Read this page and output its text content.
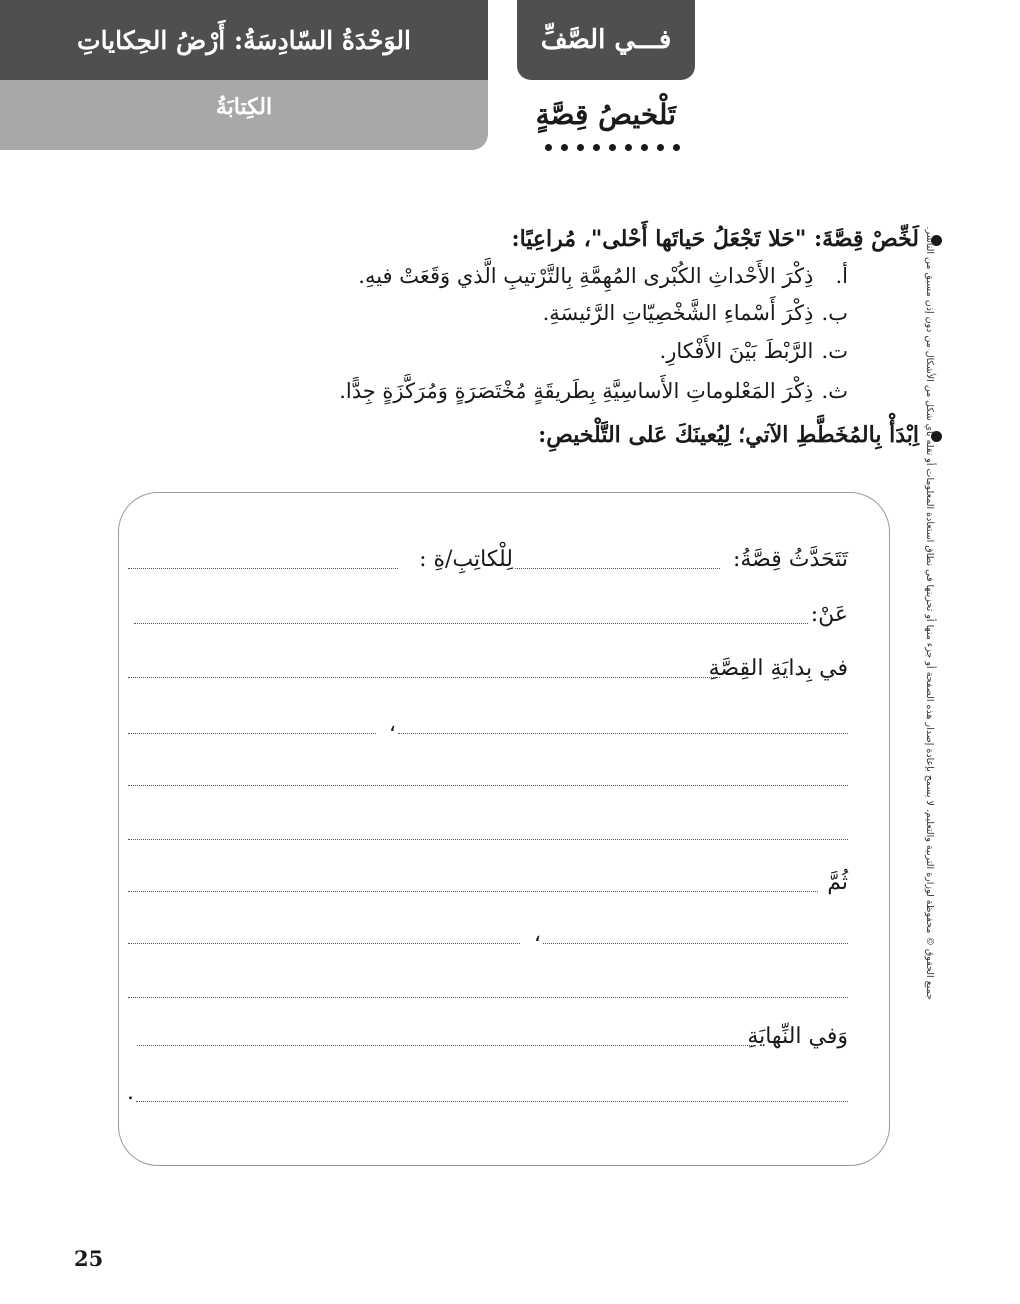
الوَحْدَةُ السّادِسَةُ: أَرْضُ الحِكاياتِ
الكِتابَةُ
فـــي الصَّفِّ
تَلْخيصُ قِصَّةٍ
لَخِّصْ قِصَّةَ: "حَلا تَجْعَلُ حَياتَها أَحْلى"، مُراعِيًا:
أ. ذِكْرَ الأَحْداثِ الكُبْرى المُهِمَّةِ بِالتَّرْتيبِ الَّذي وَقَعَتْ فيهِ.
ب. ذِكْرَ أَسْماءِ الشَّخْصِيّاتِ الرَّئيسَةِ.
ت. الرَّبْطَ بَيْنَ الأَفْكارِ.
ث. ذِكْرَ المَعْلوماتِ الأَساسِيَّةِ بِطَريقَةٍ مُخْتَصَرَةٍ وَمُرَكَّزَةٍ جِدًّا.
اِبْدَأْ بِالمُخَطَّطِ الآتي؛ لِيُعينَكَ عَلى التَّلْخيصِ: جميع الحقوق © محفوظة لوزارة التربية والتعليم. لا يسمح بإعادة إصدار هذه الصفحة أو جزء منها أو تخزينها في نطاق استعادة المعلومات أو نقله بأي شكل من الأشكال من دون إذن مسبق من الناشر.
تَتَحَدَّثُ قِصَّةُ:
لِلْكاتِبِ/ةِ :
عَنْ:
في بِدايَةِ القِصَّةِ
،
ثُمَّ
،
وَفي النِّهايَةِ
.
25
